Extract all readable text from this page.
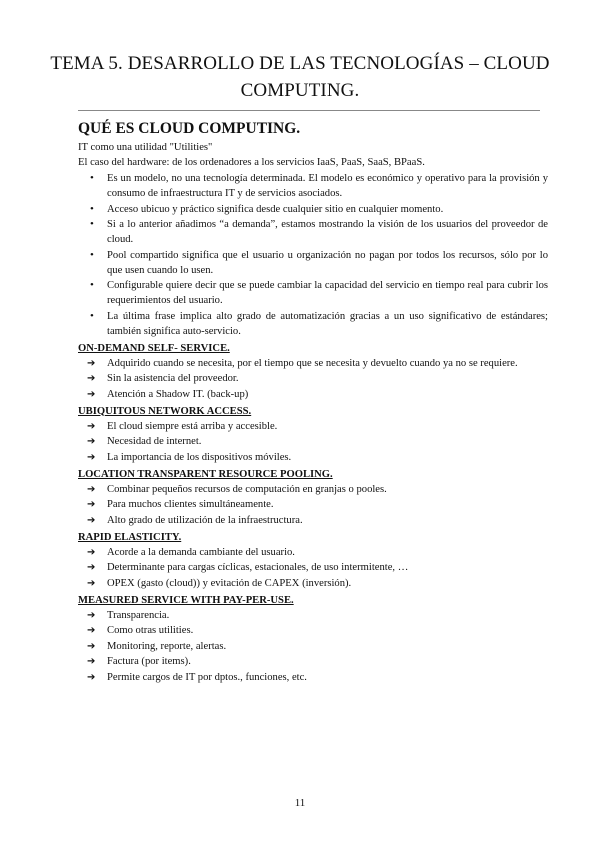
TEMA 5. DESARROLLO DE LAS TECNOLOGÍAS – CLOUD
COMPUTING.
QUÉ ES CLOUD COMPUTING.

IT como una utilidad "Utilities"

El caso del hardware: de los ordenadores a los servicios IaaS, PaaS, SaaS, BPaaS.

• Es un modelo, no una tecnología determinada. El modelo es económico y operativo para la provisión y consumo de infraestructura IT y de servicios asociados.
• Acceso ubicuo y práctico significa desde cualquier sitio en cualquier momento.
• Si a lo anterior añadimos “a demanda”, estamos mostrando la visión de los usuarios del proveedor de cloud.
• Pool compartido significa que el usuario u organización no pagan por todos los recursos, sólo por lo que usen cuando lo usen.
• Configurable quiere decir que se puede cambiar la capacidad del servicio en tiempo real para cubrir los requerimientos del usuario.
• La última frase implica alto grado de automatización gracias a un uso significativo de estándares; también significa auto-servicio.
ON-DEMAND SELF- SERVICE.
➔ Adquirido cuando se necesita, por el tiempo que se necesita y devuelto cuando ya no se requiere.
➔ Sin la asistencia del proveedor.
➔ Atención a Shadow IT. (back-up)
UBIQUITOUS NETWORK ACCESS.
➔ El cloud siempre está arriba y accesible.
➔ Necesidad de internet.
➔ La importancia de los dispositivos móviles.
LOCATION TRANSPARENT RESOURCE POOLING.
➔ Combinar pequeños recursos de computación en granjas o pooles.
➔ Para muchos clientes simultáneamente.
➔ Alto grado de utilización de la infraestructura.
RAPID ELASTICITY.
➔ Acorde a la demanda cambiante del usuario.
➔ Determinante para cargas cíclicas, estacionales, de uso intermitente, …
➔ OPEX (gasto (cloud)) y evitación de CAPEX (inversión).
MEASURED SERVICE WITH PAY-PER-USE.
➔ Transparencia.
➔ Como otras utilities.
➔ Monitoring, reporte, alertas.
➔ Factura (por items).
➔ Permite cargos de IT por dptos., funciones, etc.
11
